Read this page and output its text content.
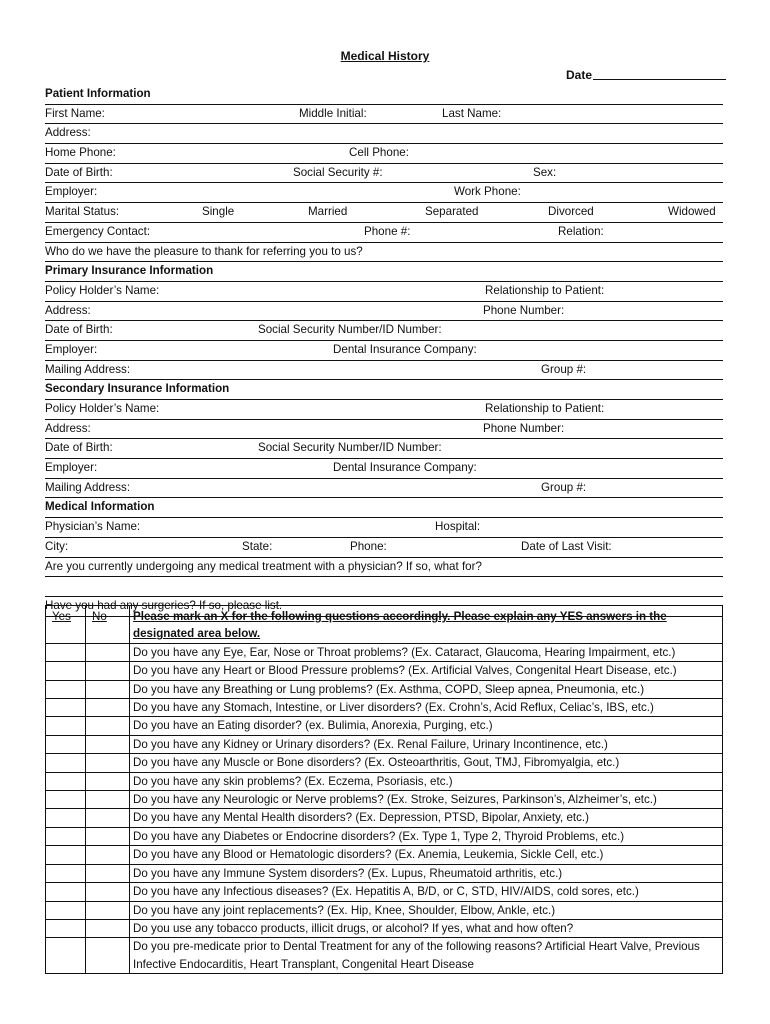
Medical History
Date
Patient Information
First Name:	Middle Initial:	Last Name:
Address:
Home Phone:	Cell Phone:
Date of Birth:	Social Security #:	Sex:
Employer:	Work Phone:
Marital Status:	Single	Married	Separated	Divorced	Widowed
Emergency Contact:	Phone #:	Relation:
Who do we have the pleasure to thank for referring you to us?
Primary Insurance Information
Policy Holder’s Name:	Relationship to Patient:
Address:	Phone Number:
Date of Birth:	Social Security Number/ID Number:
Employer:	Dental Insurance Company:
Mailing Address:	Group #:
Secondary Insurance Information
Policy Holder’s Name:	Relationship to Patient:
Address:	Phone Number:
Date of Birth:	Social Security Number/ID Number:
Employer:	Dental Insurance Company:
Mailing Address:	Group #:
Medical Information
Physician’s Name:	Hospital:
City:	State:	Phone:	Date of Last Visit:
Are you currently undergoing any medical treatment with a physician? If so, what for?
Have you had any surgeries? If so, please list.
Yes	No	Please mark an X for the following questions accordingly. Please explain any YES answers in the designated area below.
		Do you have any Eye, Ear, Nose or Throat problems? (Ex. Cataract, Glaucoma, Hearing Impairment, etc.)
		Do you have any Heart or Blood Pressure problems? (Ex. Artificial Valves, Congenital Heart Disease, etc.)
		Do you have any Breathing or Lung problems? (Ex. Asthma, COPD, Sleep apnea, Pneumonia, etc.)
		Do you have any Stomach, Intestine, or Liver disorders? (Ex. Crohn’s, Acid Reflux, Celiac’s, IBS, etc.)
		Do you have an Eating disorder? (ex. Bulimia, Anorexia, Purging, etc.)
		Do you have any Kidney or Urinary disorders? (Ex. Renal Failure, Urinary Incontinence, etc.)
		Do you have any Muscle or Bone disorders? (Ex. Osteoarthritis, Gout, TMJ, Fibromyalgia, etc.)
		Do you have any skin problems? (Ex. Eczema, Psoriasis, etc.)
		Do you have any Neurologic or Nerve problems? (Ex. Stroke, Seizures, Parkinson’s, Alzheimer’s, etc.)
		Do you have any Mental Health disorders? (Ex. Depression, PTSD, Bipolar, Anxiety, etc.)
		Do you have any Diabetes or Endocrine disorders? (Ex. Type 1, Type 2, Thyroid Problems, etc.)
		Do you have any Blood or Hematologic disorders? (Ex. Anemia, Leukemia, Sickle Cell, etc.)
		Do you have any Immune System disorders? (Ex. Lupus, Rheumatoid arthritis, etc.)
		Do you have any Infectious diseases? (Ex. Hepatitis A, B/D, or C, STD, HIV/AIDS, cold sores, etc.)
		Do you have any joint replacements? (Ex. Hip, Knee, Shoulder, Elbow, Ankle, etc.)
		Do you use any tobacco products, illicit drugs, or alcohol? If yes, what and how often?
		Do you pre-medicate prior to Dental Treatment for any of the following reasons? Artificial Heart Valve, Previous Infective Endocarditis, Heart Transplant, Congenital Heart Disease
